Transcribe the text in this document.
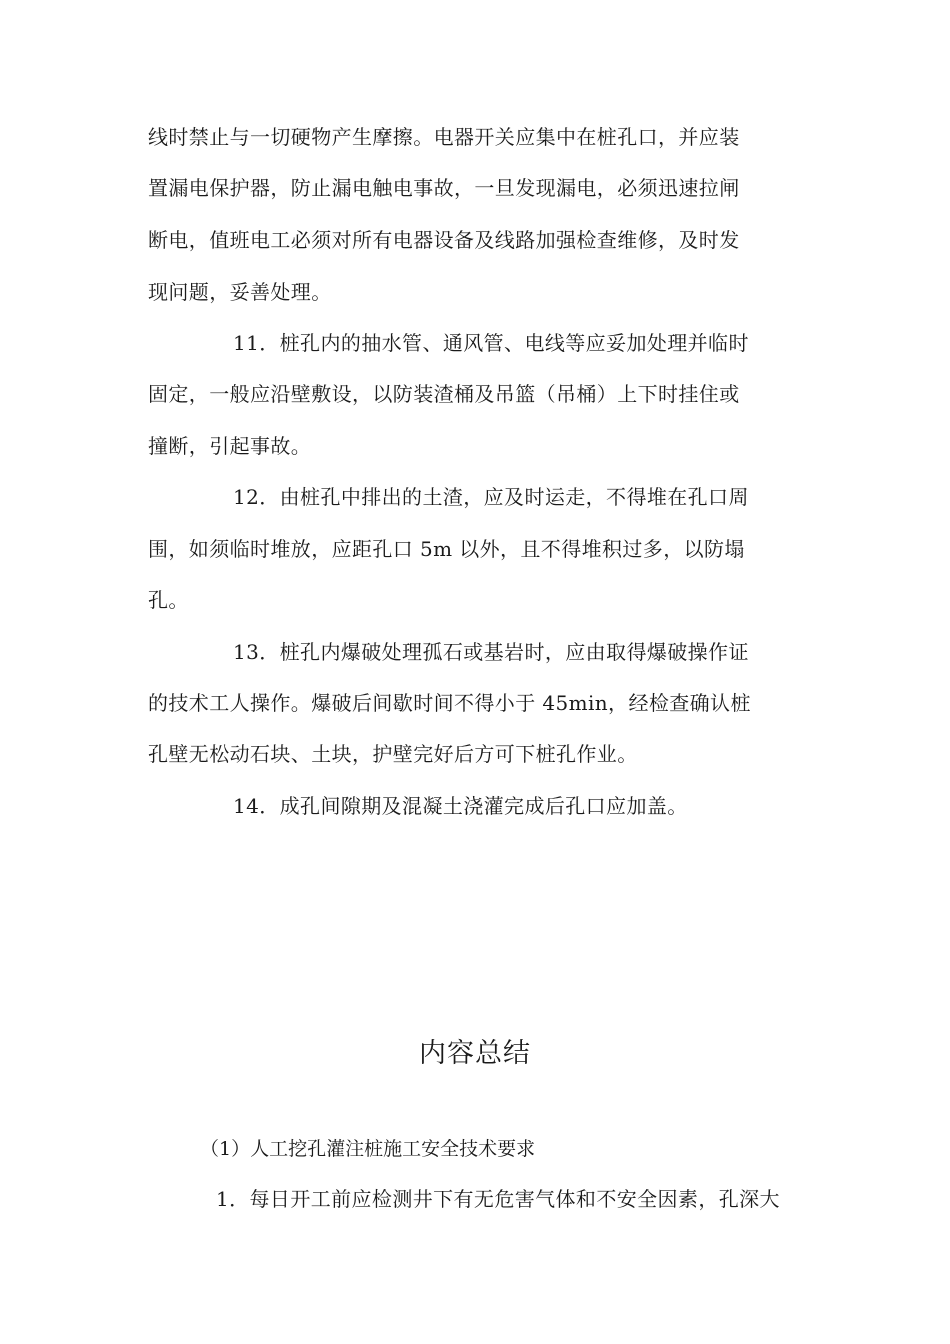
线时禁止与一切硬物产生摩擦。电器开关应集中在桩孔口，并应装
置漏电保护器，防止漏电触电事故，一旦发现漏电，必须迅速拉闸
断电，值班电工必须对所有电器设备及线路加强检查维修，及时发
现问题，妥善处理。
11．桩孔内的抽水管、通风管、电线等应妥加处理并临时
固定，一般应沿壁敷设，以防装渣桶及吊篮（吊桶）上下时挂住或
撞断，引起事故。
12．由桩孔中排出的土渣，应及时运走，不得堆在孔口周
围，如须临时堆放，应距孔口 5m 以外，且不得堆积过多，以防塌
孔。
13．桩孔内爆破处理孤石或基岩时，应由取得爆破操作证
的技术工人操作。爆破后间歇时间不得小于 45min，经检查确认桩
孔壁无松动石块、土块，护壁完好后方可下桩孔作业。
14．成孔间隙期及混凝土浇灌完成后孔口应加盖。
内容总结
（1）人工挖孔灌注桩施工安全技术要求
1．每日开工前应检测井下有无危害气体和不安全因素，孔深大
